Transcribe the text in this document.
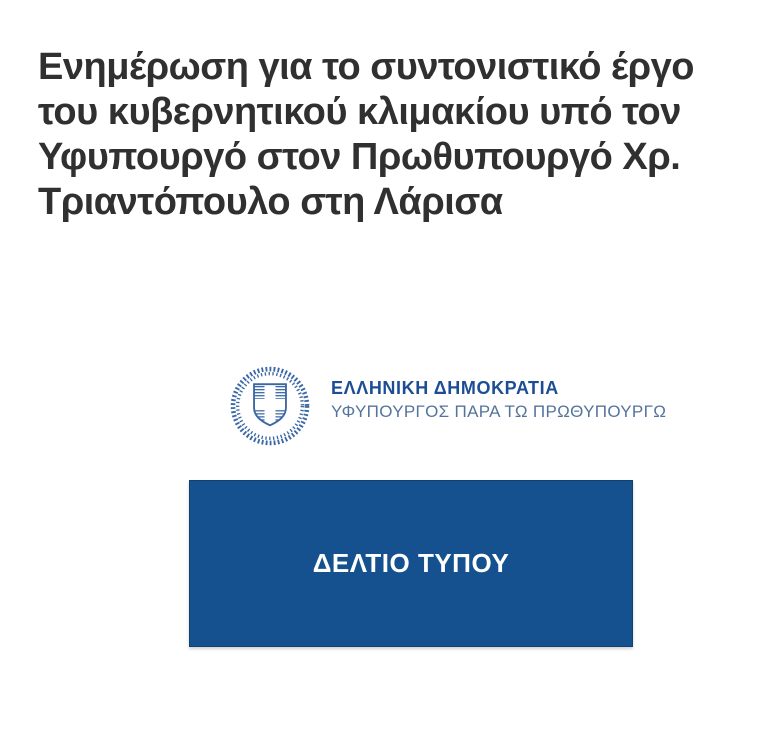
Ενημέρωση για το συντονιστικό έργο
του κυβερνητικού κλιμακίου υπό τον
Υφυπουργό στον Πρωθυπουργό Χρ.
Τριαντόπουλο στη Λάρισα
ΕΛΛΗΝΙΚΗ ΔΗΜΟΚΡΑΤΙΑ
ΥΦΥΠΟΥΡΓΟΣ ΠΑΡΑ ΤΩ ΠΡΩΘΥΠΟΥΡΓΩ
ΔΕΛΤΙΟ ΤΥΠΟΥ
